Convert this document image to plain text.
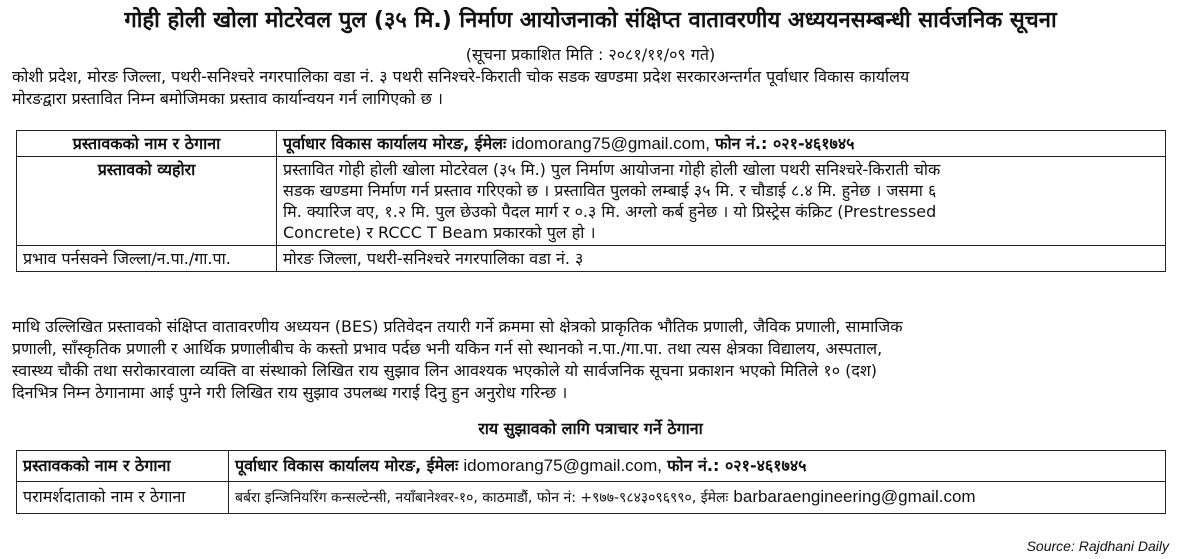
गोही होली खोला मोटरेवल पुल (३५ मि.) निर्माण आयोजनाको संक्षिप्त वातावरणीय अध्ययनसम्बन्धी सार्वजनिक सूचना
(सूचना प्रकाशित मिति : २०८१/११/०९ गते)
कोशी प्रदेश, मोरङ जिल्ला, पथरी-सनिश्चरे नगरपालिका वडा नं. ३ पथरी सनिश्चरे-किराती चोक सडक खण्डमा प्रदेश सरकारअन्तर्गत पूर्वाधार विकास कार्यालय
मोरङद्वारा प्रस्तावित निम्न बमोजिमका प्रस्ताव कार्यान्वयन गर्न लागिएको छ ।
प्रस्तावकको नाम र ठेगाना	पूर्वाधार विकास कार्यालय मोरङ, ईमेलः idomorang75@gmail.com, फोन नं.: ०२१-४६१७४५
प्रस्तावको व्यहोरा	प्रस्तावित गोही होली खोला मोटरेवल (३५ मि.) पुल निर्माण आयोजना गोही होली खोला पथरी सनिश्चरे-किराती चोक
सडक खण्डमा निर्माण गर्न प्रस्ताव गरिएको छ । प्रस्तावित पुलको लम्बाई ३५ मि. र चौडाई ८.४ मि. हुनेछ । जसमा ६
मि. क्यारिज वए, १.२ मि. पुल छेउको पैदल मार्ग र ०.३ मि. अग्लो कर्ब हुनेछ । यो प्रिस्ट्रेस कंक्रिट (Prestressed
Concrete) र RCCC T Beam प्रकारको पुल हो ।

प्रभाव पर्नसक्ने जिल्ला/न.पा./गा.पा.	मोरङ जिल्ला, पथरी-सनिश्चरे नगरपालिका वडा नं. ३
माथि उल्लिखित प्रस्तावको संक्षिप्त वातावरणीय अध्ययन (BES) प्रतिवेदन तयारी गर्ने क्रममा सो क्षेत्रको प्राकृतिक भौतिक प्रणाली, जैविक प्रणाली, सामाजिक
प्रणाली, साँस्कृतिक प्रणाली र आर्थिक प्रणालीबीच के कस्तो प्रभाव पर्दछ भनी यकिन गर्न सो स्थानको न.पा./गा.पा. तथा त्यस क्षेत्रका विद्यालय, अस्पताल,
स्वास्थ्य चौकी तथा सरोकारवाला व्यक्ति वा संस्थाको लिखित राय सुझाव लिन आवश्यक भएकोले यो सार्वजनिक सूचना प्रकाशन भएको मितिले १० (दश)
दिनभित्र निम्न ठेगानामा आई पुग्ने गरी लिखित राय सुझाव उपलब्ध गराई दिनु हुन अनुरोध गरिन्छ ।
राय सुझावको लागि पत्राचार गर्ने ठेगाना
प्रस्तावकको नाम र ठेगाना	पूर्वाधार विकास कार्यालय मोरङ, ईमेलः idomorang75@gmail.com, फोन नं.: ०२१-४६१७४५
परामर्शदाताको नाम र ठेगाना	बर्बरा इन्जिनियरिंग कन्सल्टेन्सी, नयाँबानेश्वर-१०, काठमाडौं, फोन नं: +९७७-९८४३०९६९९०, ईमेलः barbaraengineering@gmail.com
Source: Rajdhani Daily
